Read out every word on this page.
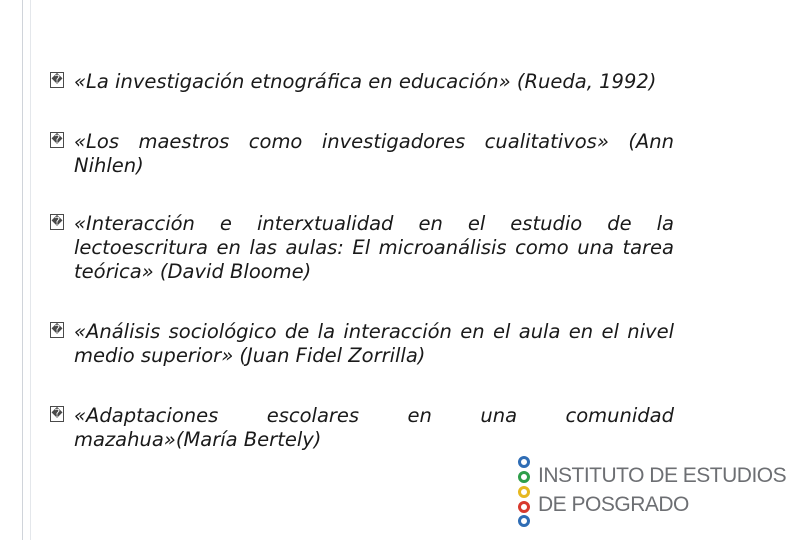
� «La investigación etnográfica en educación» (Rueda, 1992)
� «Los maestros como investigadores cualitativos» (Ann Nihlen)
� «Interacción e interxtualidad en el estudio de la lectoescritura en las aulas: El microanálisis como una tarea teórica» (David Bloome)
� «Análisis sociológico de la interacción en el aula en el nivel medio superior» (Juan Fidel Zorrilla)
� «Adaptaciones escolares en una comunidad mazahua»(María Bertely)
INSTITUTO DE ESTUDIOS
DE POSGRADO
